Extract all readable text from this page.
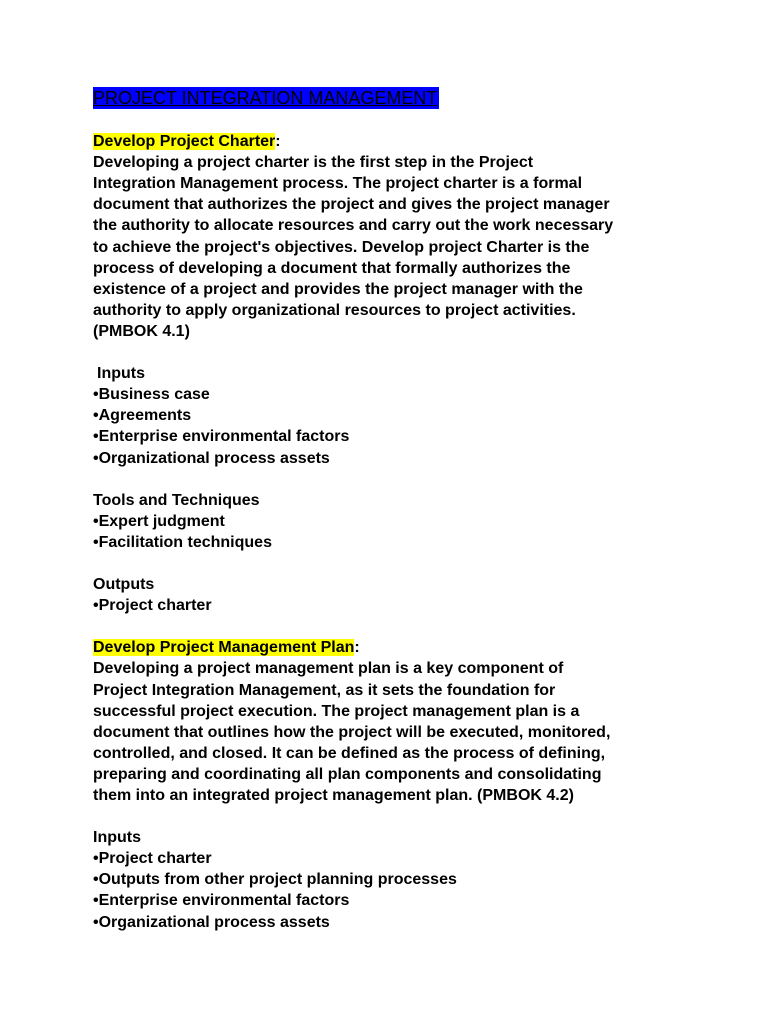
PROJECT INTEGRATION MANAGEMENT

Develop Project Charter:

Developing a project charter is the first step in the Project

Integration Management process. The project charter is a formal

document that authorizes the project and gives the project manager

the authority to allocate resources and carry out the work necessary

to achieve the project's objectives. Develop project Charter is the

process of developing a document that formally authorizes the

existence of a project and provides the project manager with the

authority to apply organizational resources to project activities.

(PMBOK 4.1)

Inputs

• Business case
• Agreements
• Enterprise environmental factors
• Organizational process assets

Tools and Techniques

• Expert judgment
• Facilitation techniques

Outputs

• Project charter

Develop Project Management Plan:

Developing a project management plan is a key component of

Project Integration Management, as it sets the foundation for

successful project execution. The project management plan is a

document that outlines how the project will be executed, monitored,

controlled, and closed. It can be defined as the process of defining,

preparing and coordinating all plan components and consolidating

them into an integrated project management plan. (PMBOK 4.2)

Inputs

• Project charter
• Outputs from other project planning processes
• Enterprise environmental factors
• Organizational process assets
